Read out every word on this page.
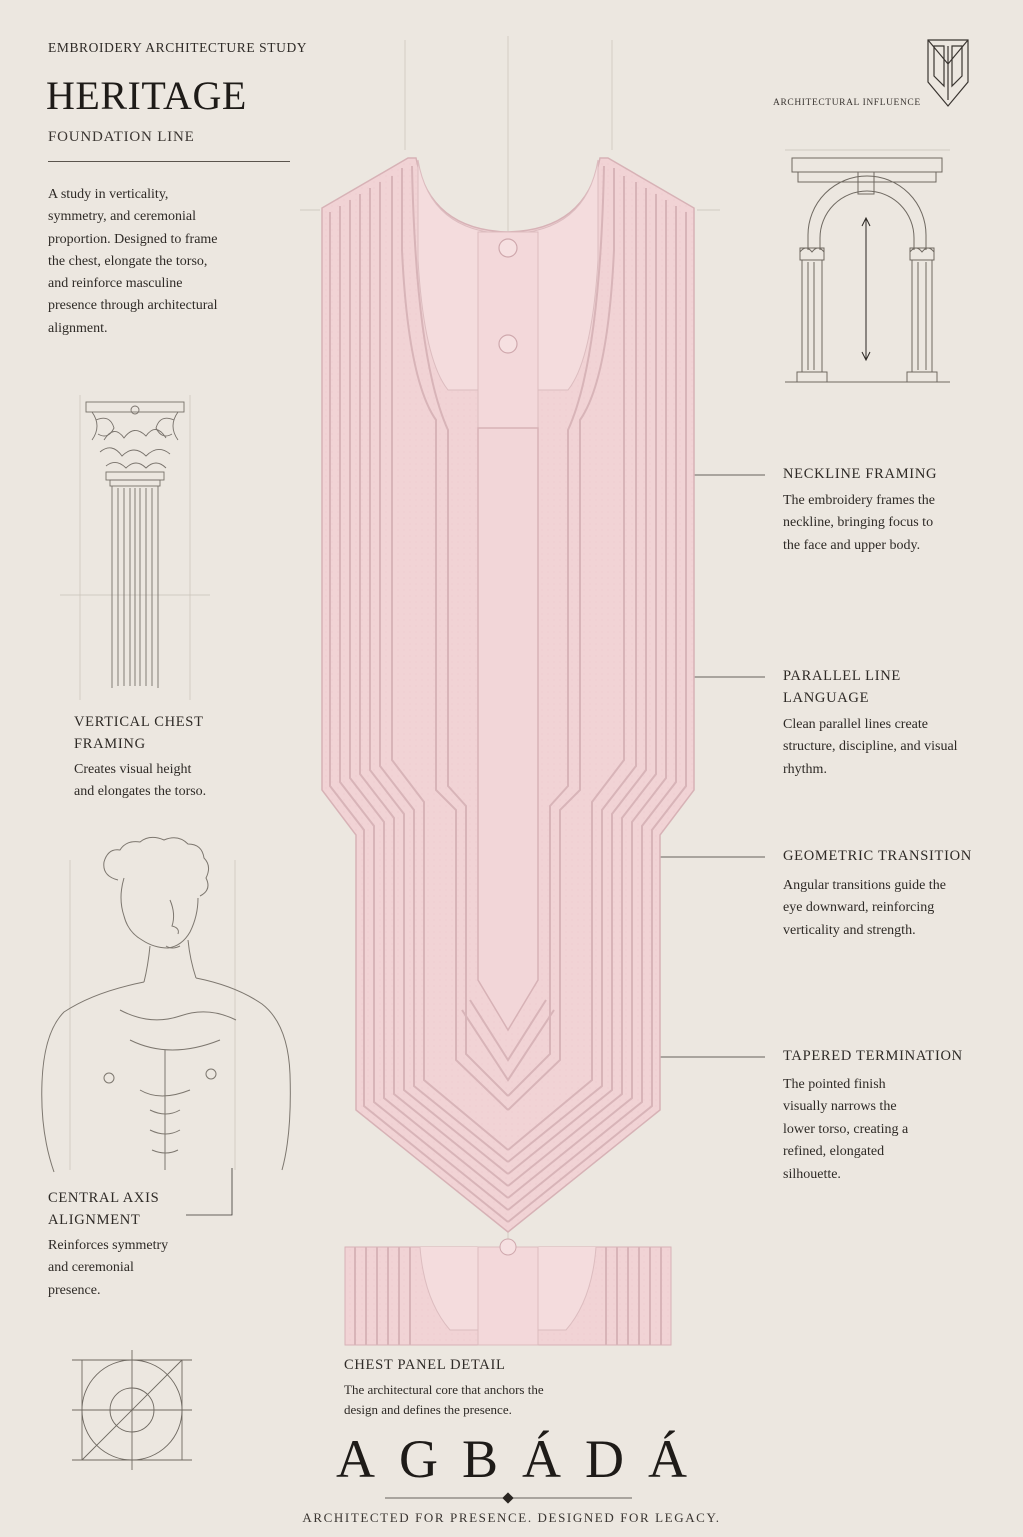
EMBROIDERY ARCHITECTURE STUDY
HERITAGE
FOUNDATION LINE
A study in verticality, symmetry, and ceremonial proportion. Designed to frame the chest, elongate the torso, and reinforce masculine presence through architectural alignment.
ARCHITECTURAL INFLUENCE
VERTICAL CHEST
FRAMING
Creates visual height and elongates the torso.
CENTRAL AXIS
ALIGNMENT
Reinforces symmetry and ceremonial presence.
NECKLINE FRAMING
The embroidery frames the neckline, bringing focus to the face and upper body.
PARALLEL LINE LANGUAGE
Clean parallel lines create structure, discipline, and visual rhythm.
GEOMETRIC TRANSITION
Angular transitions guide the eye downward, reinforcing verticality and strength.
TAPERED TERMINATION
The pointed finish visually narrows the lower torso, creating a refined, elongated silhouette.
CHEST PANEL DETAIL
The architectural core that anchors the design and defines the presence.
AGBÁDÁ
ARCHITECTED FOR PRESENCE. DESIGNED FOR LEGACY.
